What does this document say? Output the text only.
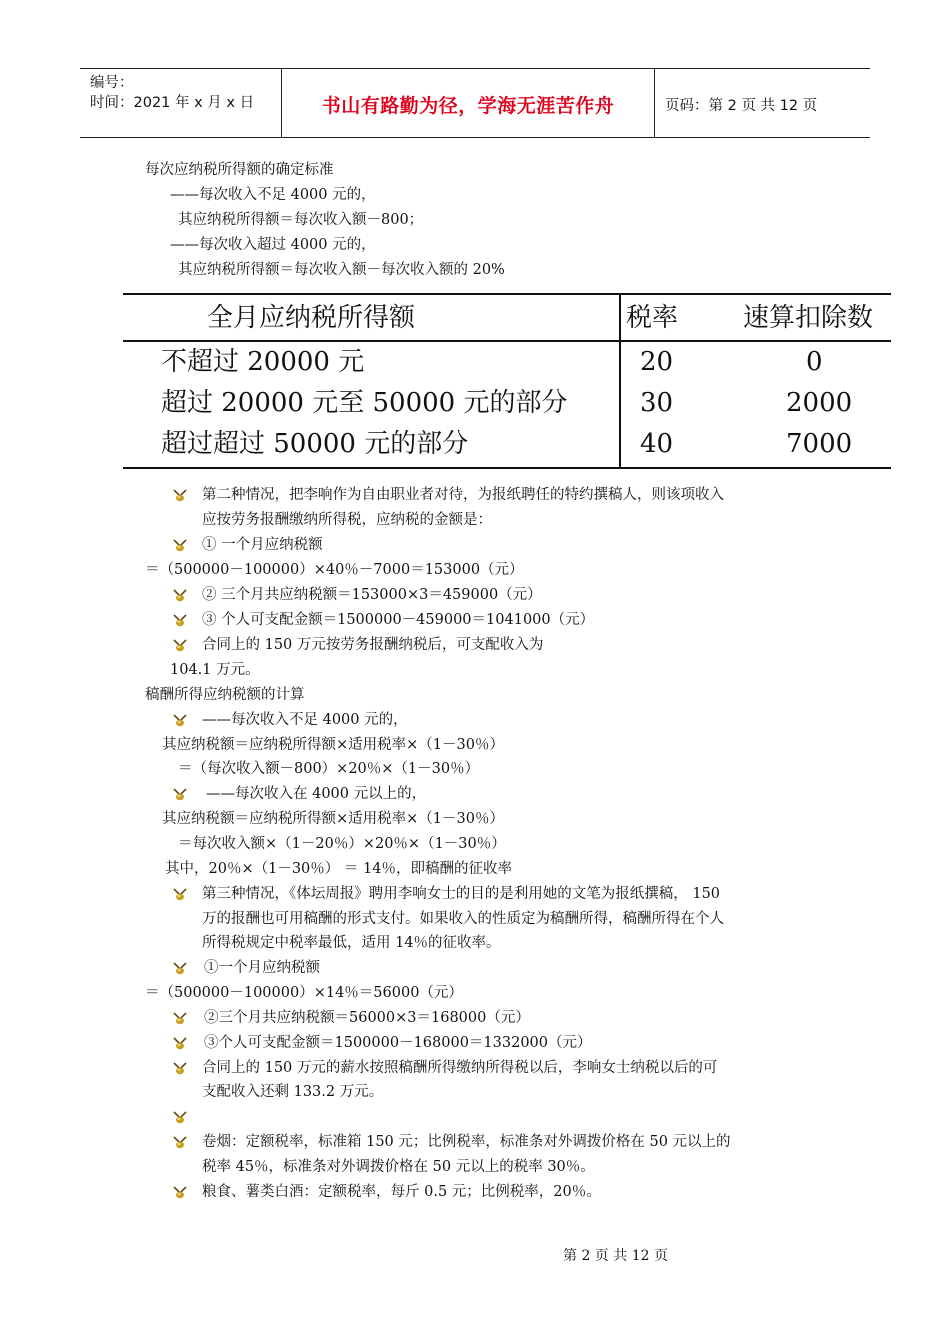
编号：
时间：2021 年 x 月 x 日	书山有路勤为径，学海无涯苦作舟	页码：第 2 页 共 12 页
每次应纳税所得额的确定标准
——每次收入不足 4000 元的，
其应纳税所得额＝每次收入额－800；
——每次收入超过 4000 元的，
其应纳税所得额＝每次收入额－每次收入额的 20%
全月应纳税所得额	税率 速算扣除数
不超过 20000 元	20	0
超过 20000 元至 50000 元的部分	30	2000
超过超过 50000 元的部分	40	7000
第二种情况，把李响作为自由职业者对待，为报纸聘任的特约撰稿人，则该项收入
应按劳务报酬缴纳所得税，应纳税的金额是：
① 一个月应纳税额
＝（500000－100000）×40％－7000＝153000（元）
② 三个月共应纳税额＝153000×3＝459000（元）
③ 个人可支配金额＝1500000－459000＝1041000（元）
合同上的 150 万元按劳务报酬纳税后，可支配收入为
104.1 万元。
稿酬所得应纳税额的计算
——每次收入不足 4000 元的，
其应纳税额＝应纳税所得额×适用税率×（1－30％）
＝（每次收入额－800）×20％×（1－30％）
——每次收入在 4000 元以上的，
其应纳税额＝应纳税所得额×适用税率×（1－30％）
＝每次收入额×（1－20％）×20％×（1－30％）
其中，20％×（1－30％） ＝ 14％，即稿酬的征收率
第三种情况，《体坛周报》聘用李响女士的目的是利用她的文笔为报纸撰稿， 150
万的报酬也可用稿酬的形式支付。如果收入的性质定为稿酬所得，稿酬所得在个人
所得税规定中税率最低，适用 14％的征收率。
①一个月应纳税额
＝（500000－100000）×14％＝56000（元）
②三个月共应纳税额＝56000×3＝168000（元）
③个人可支配金额＝1500000－168000＝1332000（元）
合同上的 150 万元的薪水按照稿酬所得缴纳所得税以后，李响女士纳税以后的可
支配收入还剩 133.2 万元。
卷烟：定额税率，标准箱 150 元；比例税率，标准条对外调拨价格在 50 元以上的
税率 45％，标准条对外调拨价格在 50 元以上的税率 30％。
粮食、薯类白酒：定额税率，每斤 0.5 元；比例税率，20％。
第 2 页 共 12 页
